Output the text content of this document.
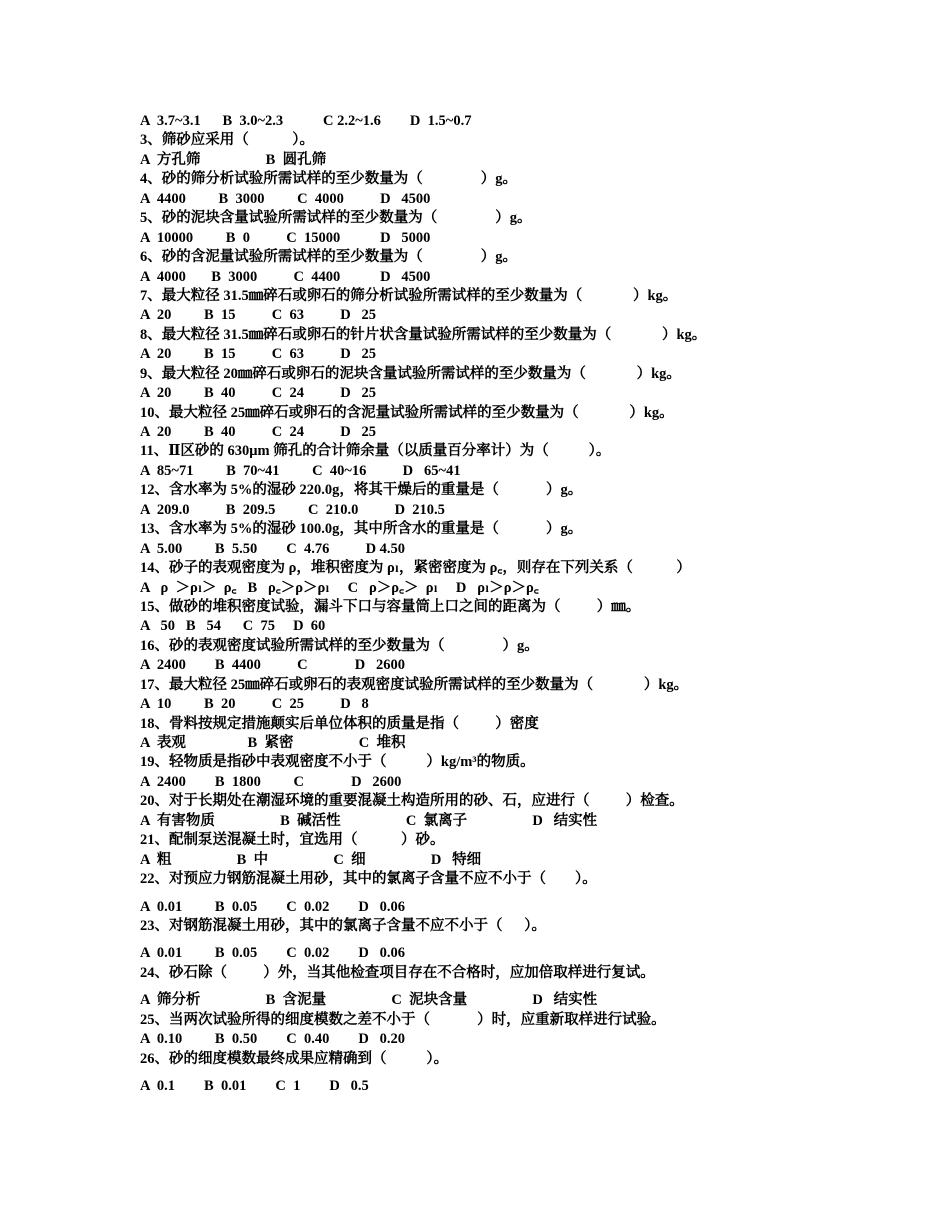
A  3.7~3.1      B  3.0~2.3           C 2.2~1.6        D  1.5~0.7
3、筛砂应采用（            ）。
A  方孔筛                  B  圆孔筛
4、砂的筛分析试验所需试样的至少数量为（                ）g。
A  4400         B  3000         C  4000          D   4500
5、砂的泥块含量试验所需试样的至少数量为（                ）g。
A  10000         B  0          C  15000           D   5000
6、砂的含泥量试验所需试样的至少数量为（                ）g。
A  4000       B  3000          C  4400           D   4500
7、最大粒径 31.5㎜碎石或卵石的筛分析试验所需试样的至少数量为（              ）kg。
A  20         B  15          C  63          D   25
8、最大粒径 31.5㎜碎石或卵石的针片状含量试验所需试样的至少数量为（              ）kg。
A  20         B  15          C  63          D   25
9、最大粒径 20㎜碎石或卵石的泥块含量试验所需试样的至少数量为（              ）kg。
A  20         B  40          C  24          D   25
10、最大粒径 25㎜碎石或卵石的含泥量试验所需试样的至少数量为（              ）kg。
A  20         B  40          C  24          D   25
11、Ⅱ区砂的 630μm 筛孔的合计筛余量（以质量百分率计）为（           ）。
A  85~71         B  70~41         C  40~16          D   65~41
12、含水率为 5%的湿砂 220.0g，将其干燥后的重量是（             ）g。
A  209.0          B  209.5         C  210.0          D  210.5
13、含水率为 5%的湿砂 100.0g，其中所含水的重量是（             ）g。
A  5.00         B  5.50        C  4.76          D 4.50
14、砂子的表观密度为 ρ，堆积密度为 ρₗ，紧密密度为 ρ꜀，则存在下列关系（            ）
A   ρ  ＞ρₗ＞  ρ꜀   B   ρ꜀＞ρ＞ρₗ     C   ρ＞ρ꜀＞  ρₗ     D   ρₗ＞ρ＞ρ꜀
15、做砂的堆积密度试验，漏斗下口与容量筒上口之间的距离为（          ）㎜。
A   50   B   54      C  75     D  60
16、砂的表观密度试验所需试样的至少数量为（                ）g。
A  2400        B  4400          C             D   2600
17、最大粒径 25㎜碎石或卵石的表观密度试验所需试样的至少数量为（              ）kg。
A  10         B  20          C  25          D   8
18、骨料按规定措施颠实后单位体积的质量是指（          ）密度
A  表观                 B  紧密                  C  堆积
19、轻物质是指砂中表观密度不小于（           ）kg/m³的物质。
A  2400        B  1800         C             D   2600
20、对于长期处在潮湿环境的重要混凝土构造所用的砂、石，应进行（          ）检查。
A  有害物质                  B  碱活性                  C  氯离子                  D   结实性
21、配制泵送混凝土时，宜选用（            ）砂。
A  粗                  B  中                  C  细                  D   特细
22、对预应力钢筋混凝土用砂，其中的氯离子含量不应不小于（        ）。
A  0.01         B  0.05        C  0.02        D   0.06
23、对钢筋混凝土用砂，其中的氯离子含量不应不小于（      ）。
A  0.01         B  0.05        C  0.02        D   0.06
24、砂石除（          ）外，当其他检查项目存在不合格时，应加倍取样进行复试。
A  筛分析                  B  含泥量                  C  泥块含量                  D   结实性
25、当两次试验所得的细度模数之差不小于（             ）时，应重新取样进行试验。
A  0.10         B  0.50        C  0.40        D   0.20
26、砂的细度模数最终成果应精确到（           ）。
A  0.1        B  0.01        C  1        D   0.5
